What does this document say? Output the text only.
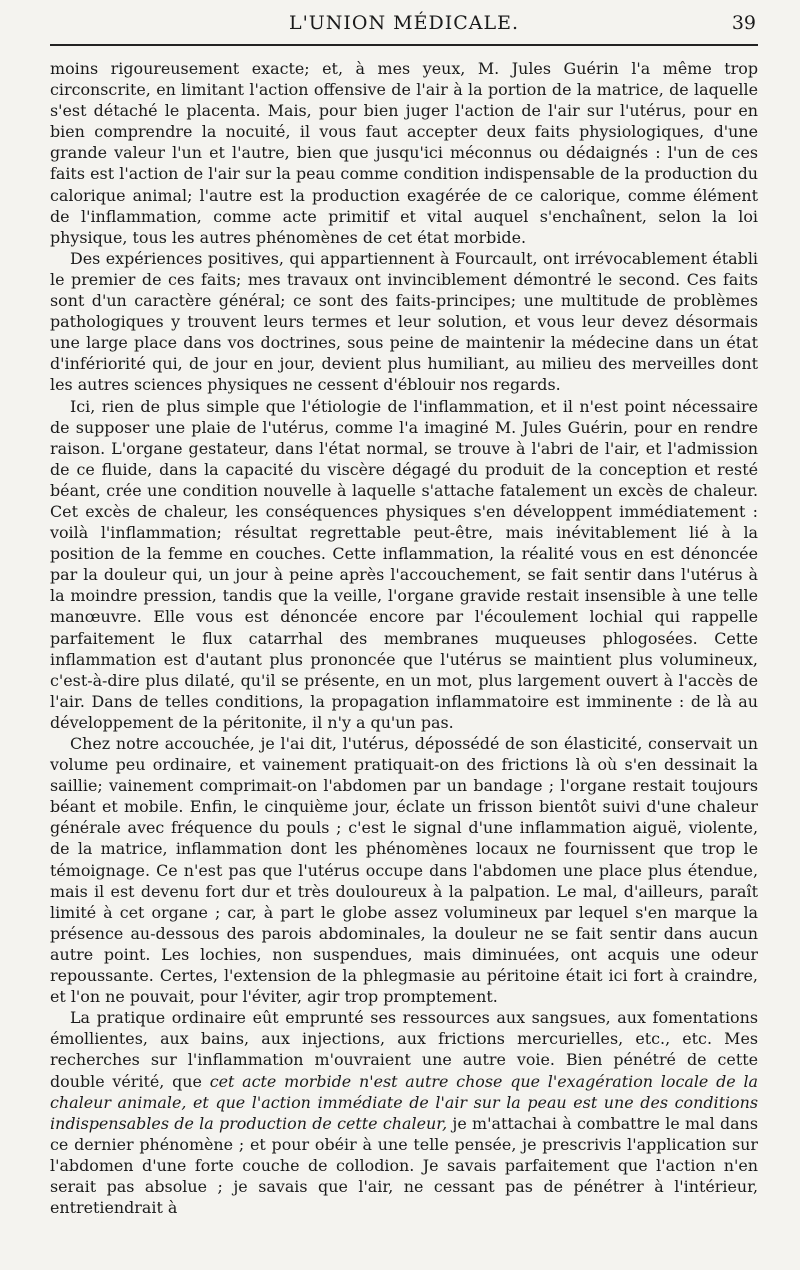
L'UNION MÉDICALE.	39

moins rigoureusement exacte; et, à mes yeux, M. Jules Guérin l'a même trop circonscrite, en limitant l'action offensive de l'air à la portion de la matrice, de laquelle s'est détaché le placenta. Mais, pour bien juger l'action de l'air sur l'utérus, pour en bien comprendre la nocuité, il vous faut accepter deux faits physiologiques, d'une grande valeur l'un et l'autre, bien que jusqu'ici méconnus ou dédaignés : l'un de ces faits est l'action de l'air sur la peau comme condition indispensable de la production du calorique animal; l'autre est la production exagérée de ce calorique, comme élément de l'inflammation, comme acte primitif et vital auquel s'enchaînent, selon la loi physique, tous les autres phénomènes de cet état morbide.

Des expériences positives, qui appartiennent à Fourcault, ont irrévocablement établi le premier de ces faits; mes travaux ont invinciblement démontré le second. Ces faits sont d'un caractère général; ce sont des faits-principes; une multitude de problèmes pathologiques y trouvent leurs termes et leur solution, et vous leur devez désormais une large place dans vos doctrines, sous peine de maintenir la médecine dans un état d'infériorité qui, de jour en jour, devient plus humiliant, au milieu des merveilles dont les autres sciences physiques ne cessent d'éblouir nos regards.

Ici, rien de plus simple que l'étiologie de l'inflammation, et il n'est point nécessaire de supposer une plaie de l'utérus, comme l'a imaginé M. Jules Guérin, pour en rendre raison. L'organe gestateur, dans l'état normal, se trouve à l'abri de l'air, et l'admission de ce fluide, dans la capacité du viscère dégagé du produit de la conception et resté béant, crée une condition nouvelle à laquelle s'attache fatalement un excès de chaleur. Cet excès de chaleur, les conséquences physiques s'en développent immédiatement : voilà l'inflammation; résultat regrettable peut-être, mais inévitablement lié à la position de la femme en couches. Cette inflammation, la réalité vous en est dénoncée par la douleur qui, un jour à peine après l'accouchement, se fait sentir dans l'utérus à la moindre pression, tandis que la veille, l'organe gravide restait insensible à une telle manœuvre. Elle vous est dénoncée encore par l'écoulement lochial qui rappelle parfaitement le flux catarrhal des membranes muqueuses phlogosées. Cette inflammation est d'autant plus prononcée que l'utérus se maintient plus volumineux, c'est-à-dire plus dilaté, qu'il se présente, en un mot, plus largement ouvert à l'accès de l'air. Dans de telles conditions, la propagation inflammatoire est imminente : de là au développement de la péritonite, il n'y a qu'un pas.

Chez notre accouchée, je l'ai dit, l'utérus, dépossédé de son élasticité, conservait un volume peu ordinaire, et vainement pratiquait-on des frictions là où s'en dessinait la saillie; vainement comprimait-on l'abdomen par un bandage ; l'organe restait toujours béant et mobile. Enfin, le cinquième jour, éclate un frisson bientôt suivi d'une chaleur générale avec fréquence du pouls ; c'est le signal d'une inflammation aiguë, violente, de la matrice, inflammation dont les phénomènes locaux ne fournissent que trop le témoignage. Ce n'est pas que l'utérus occupe dans l'abdomen une place plus étendue, mais il est devenu fort dur et très douloureux à la palpation. Le mal, d'ailleurs, paraît limité à cet organe ; car, à part le globe assez volumineux par lequel s'en marque la présence au-dessous des parois abdominales, la douleur ne se fait sentir dans aucun autre point. Les lochies, non suspendues, mais diminuées, ont acquis une odeur repoussante. Certes, l'extension de la phlegmasie au péritoine était ici fort à craindre, et l'on ne pouvait, pour l'éviter, agir trop promptement.

La pratique ordinaire eût emprunté ses ressources aux sangsues, aux fomentations émollientes, aux bains, aux injections, aux frictions mercurielles, etc., etc. Mes recherches sur l'inflammation m'ouvraient une autre voie. Bien pénétré de cette double vérité, que cet acte morbide n'est autre chose que l'exagération locale de la chaleur animale, et que l'action immédiate de l'air sur la peau est une des conditions indispensables de la production de cette chaleur, je m'attachai à combattre le mal dans ce dernier phénomène ; et pour obéir à une telle pensée, je prescrivis l'application sur l'abdomen d'une forte couche de collodion. Je savais parfaitement que l'action n'en serait pas absolue ; je savais que l'air, ne cessant pas de pénétrer à l'intérieur, entretiendrait à
